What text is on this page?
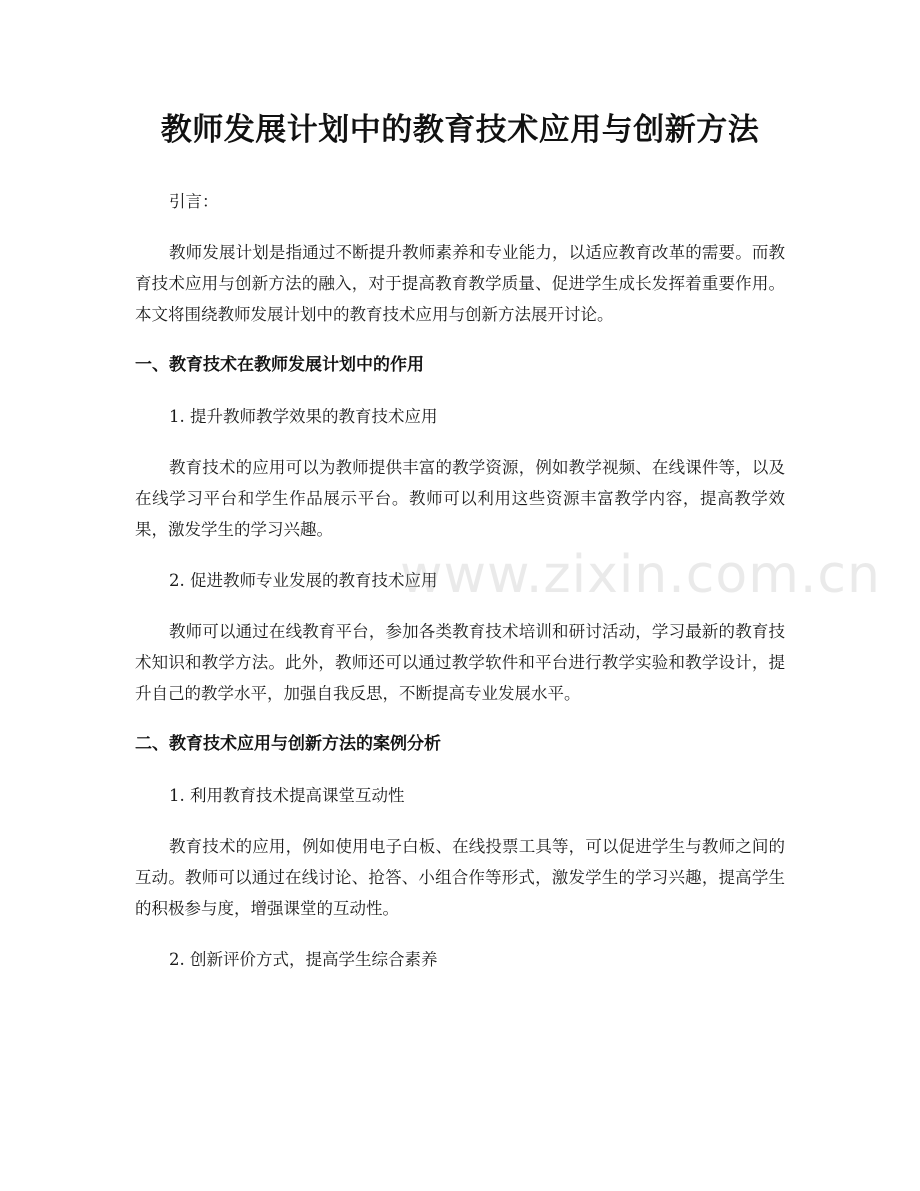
教师发展计划中的教育技术应用与创新方法

引言：

教师发展计划是指通过不断提升教师素养和专业能力，以适应教育改革的需要。而教育技术应用与创新方法的融入，对于提高教育教学质量、促进学生成长发挥着重要作用。本文将围绕教师发展计划中的教育技术应用与创新方法展开讨论。

一、教育技术在教师发展计划中的作用

1. 提升教师教学效果的教育技术应用

教育技术的应用可以为教师提供丰富的教学资源，例如教学视频、在线课件等，以及在线学习平台和学生作品展示平台。教师可以利用这些资源丰富教学内容，提高教学效果，激发学生的学习兴趣。

2. 促进教师专业发展的教育技术应用

教师可以通过在线教育平台，参加各类教育技术培训和研讨活动，学习最新的教育技术知识和教学方法。此外，教师还可以通过教学软件和平台进行教学实验和教学设计，提升自己的教学水平，加强自我反思，不断提高专业发展水平。

二、教育技术应用与创新方法的案例分析

1. 利用教育技术提高课堂互动性

教育技术的应用，例如使用电子白板、在线投票工具等，可以促进学生与教师之间的互动。教师可以通过在线讨论、抢答、小组合作等形式，激发学生的学习兴趣，提高学生的积极参与度，增强课堂的互动性。

2. 创新评价方式，提高学生综合素养

www.zixin.com.cn
